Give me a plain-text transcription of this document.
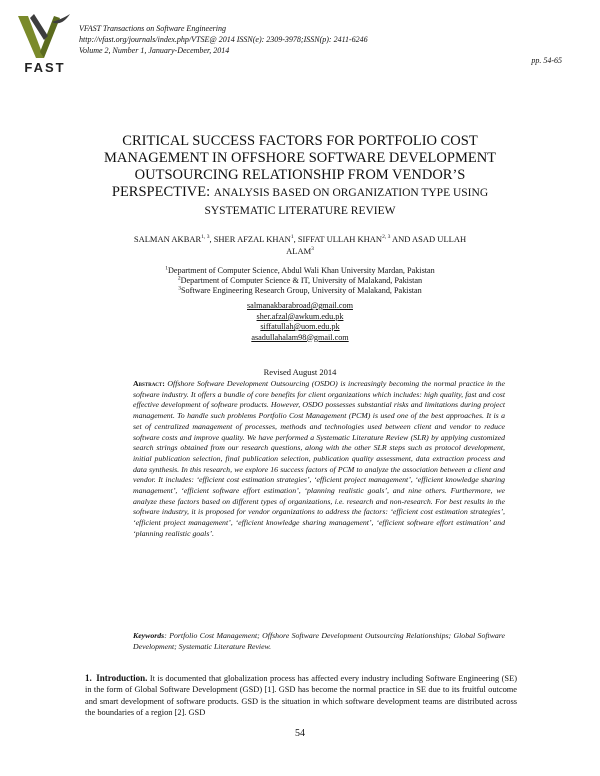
FAST
VFAST Transactions on Software Engineering
http://vfast.org/journals/index.php/VTSE@ 2014 ISSN(e): 2309-3978;ISSN(p): 2411-6246
Volume 2, Number 1, January-December, 2014
pp. 54-65
CRITICAL SUCCESS FACTORS FOR PORTFOLIO COST MANAGEMENT IN OFFSHORE SOFTWARE DEVELOPMENT OUTSOURCING RELATIONSHIP FROM VENDOR’S PERSPECTIVE: ANALYSIS BASED ON ORGANIZATION TYPE USING SYSTEMATIC LITERATURE REVIEW
SALMAN AKBAR$^{1, 3}$, SHER AFZAL KHAN$^1$, SIFFAT ULLAH KHAN$^{2, 3}$ AND ASAD ULLAH ALAM$^3$
$^1$Department of Computer Science, Abdul Wali Khan University Mardan, Pakistan
$^2$Department of Computer Science & IT, University of Malakand, Pakistan
$^3$Software Engineering Research Group, University of Malakand, Pakistan
salmanakbarabroad@gmail.com
sher.afzal@awkum.edu.pk
siffatullah@uom.edu.pk
asadullahalam98@gmail.com
Revised August 2014
Abstract: Offshore Software Development Outsourcing (OSDO) is increasingly becoming the normal practice in the software industry. It offers a bundle of core benefits for client organizations which includes: high quality, fast and cost effective development of software products. However, OSDO possesses substantial risks and limitations during project management. To handle such problems Portfolio Cost Management (PCM) is used one of the best approaches. It is a set of centralized management of processes, methods and technologies used between client and vendor to reduce software costs and improve quality. We have performed a Systematic Literature Review (SLR) by applying customized search strings obtained from our research questions, along with the other SLR steps such as protocol development, initial publication selection, final publication selection, publication quality assessment, data extraction process and data synthesis. In this research, we explore 16 success factors of PCM to analyze the association between a client and vendor. It includes: ‘efficient cost estimation strategies’, ‘efficient project management’, ‘efficient knowledge sharing management’, ‘efficient software effort estimation’, ‘planning realistic goals’, and nine others. Furthermore, we analyze these factors based on different types of organizations, i.e. research and non-research. For best results in the software industry, it is proposed for vendor organizations to address the factors: ‘efficient cost estimation strategies’, ‘efficient project management’, ‘efficient knowledge sharing management’, ‘efficient software effort estimation’ and ‘planning realistic goals’.
Keywords: Portfolio Cost Management; Offshore Software Development Outsourcing Relationships; Global Software Development; Systematic Literature Review.
1. Introduction. It is documented that globalization process has affected every industry including Software Engineering (SE) in the form of Global Software Development (GSD) [1]. GSD has become the normal practice in SE due to its fruitful outcome and smart development of software products. GSD is the situation in which software development teams are distributed across the boundaries of a region [2]. GSD
54
